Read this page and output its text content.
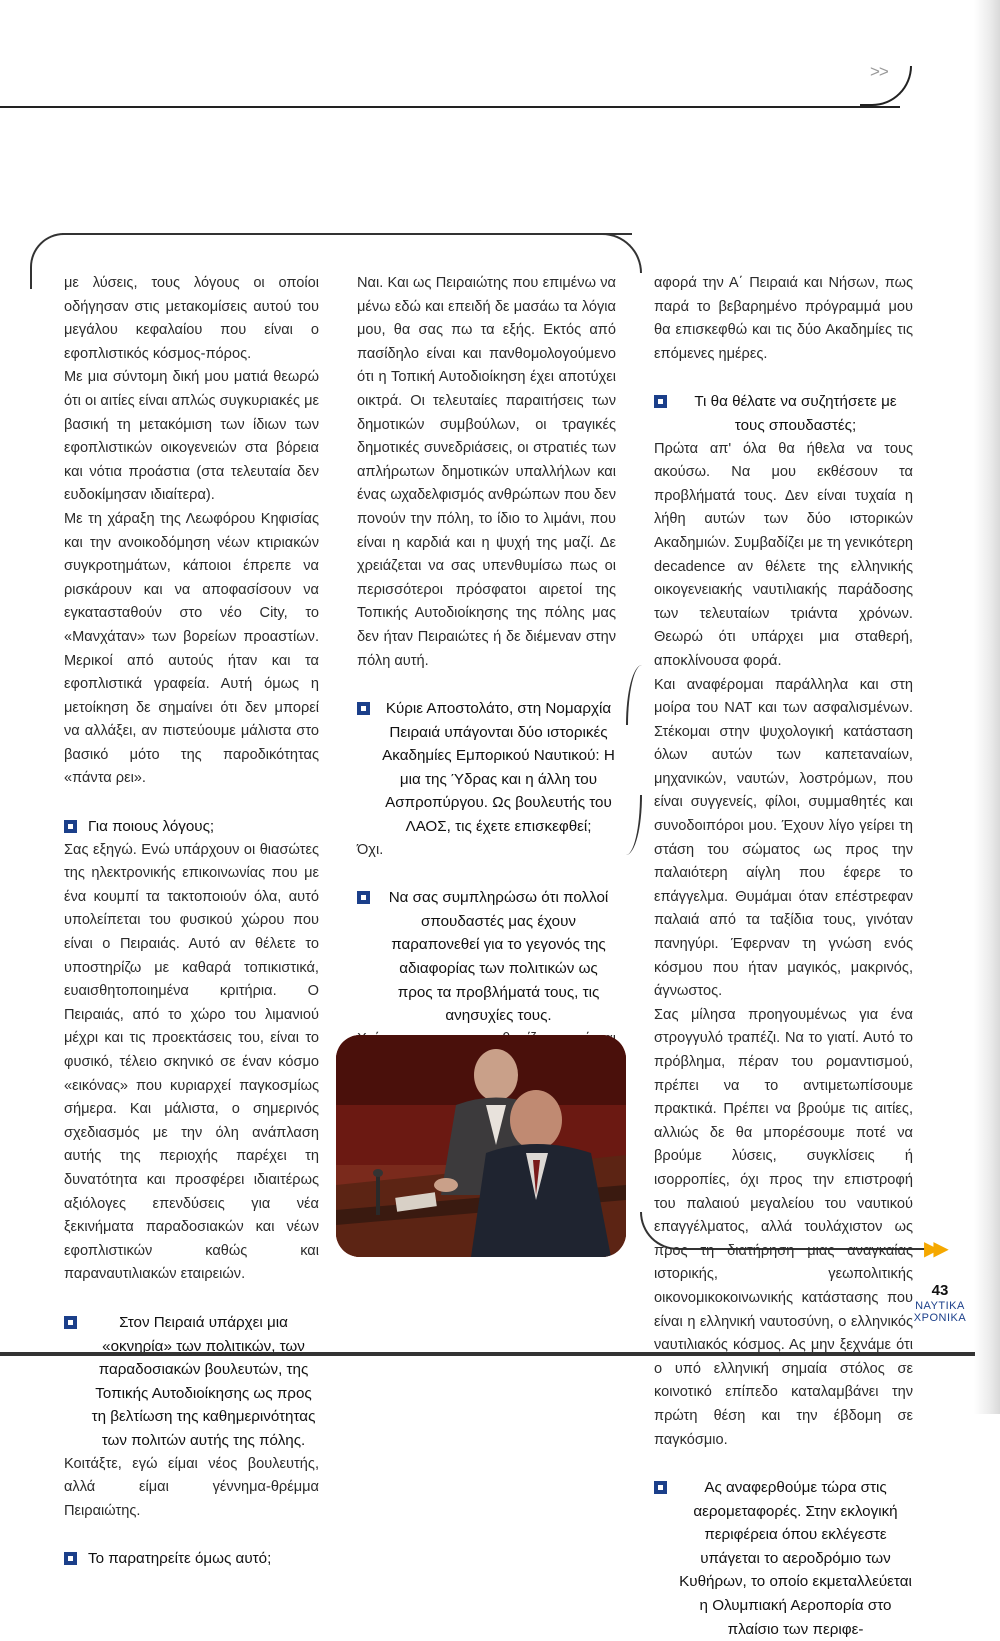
>>
▶▶

με λύσεις, τους λόγους οι οποίοι οδήγησαν στις μετακομίσεις αυτού του μεγάλου κεφαλαίου που είναι ο εφοπλιστικός κόσμος-πόρος.

Με μια σύντομη δική μου ματιά θεωρώ ότι οι αιτίες είναι απλώς συγκυριακές με βασική τη μετακόμιση των ίδιων των εφοπλιστικών οικογενειών στα βόρεια και νότια προάστια (στα τελευταία δεν ευδοκίμησαν ιδιαίτερα).

Με τη χάραξη της Λεωφόρου Κηφισίας και την ανοικοδόμηση νέων κτιριακών συγκροτημάτων, κάποιοι έπρεπε να ρισκάρουν και να αποφασίσουν να εγκατασταθούν στο νέο City, το «Μανχάταν» των βορείων προαστίων. Μερικοί από αυτούς ήταν και τα εφοπλιστικά γραφεία. Αυτή όμως η μετοίκηση δε σημαίνει ότι δεν μπορεί να αλλάξει, αν πιστεύουμε μάλιστα στο βασικό μότο της παροδικότητας «πάντα ρει».

Για ποιους λόγους;

Σας εξηγώ. Ενώ υπάρχουν οι θιασώτες της ηλεκτρονικής επικοινωνίας που με ένα κουμπί τα τακτοποιούν όλα, αυτό υπολείπεται του φυσικού χώρου που είναι ο Πειραιάς. Αυτό αν θέλετε το υποστηρίζω με καθαρά τοπικιστικά, ευαισθητοποιημένα κριτήρια. Ο Πειραιάς, από το χώρο του λιμανιού μέχρι και τις προεκτάσεις του, είναι το φυσικό, τέλειο σκηνικό σε έναν κόσμο «εικόνας» που κυριαρχεί παγκοσμίως σήμερα. Και μάλιστα, ο σημερινός σχεδιασμός με την όλη ανάπλαση αυτής της περιοχής παρέχει τη δυνατότητα και προσφέρει ιδιαιτέρως αξιόλογες επενδύσεις για νέα ξεκινήματα παραδοσιακών και νέων εφοπλιστικών καθώς και παραναυτιλιακών εταιρειών.

Στον Πειραιά υπάρχει μια «οκνηρία» των πολιτικών, των παραδοσιακών βουλευτών, της Τοπικής Αυτοδιοίκησης ως προς τη βελτίωση της καθημερινότητας των πολιτών αυτής της πόλης.

Κοιτάξτε, εγώ είμαι νέος βουλευτής, αλλά είμαι γέννημα-θρέμμα Πειραιώτης.

Το παρατηρείτε όμως αυτό;

Ναι. Και ως Πειραιώτης που επιμένω να μένω εδώ και επειδή δε μασάω τα λόγια μου, θα σας πω τα εξής. Εκτός από πασίδηλο είναι και πανθομολογούμενο ότι η Τοπική Αυτοδιοίκηση έχει αποτύχει οικτρά. Οι τελευταίες παραιτήσεις των δημοτικών συμβούλων, οι τραγικές δημοτικές συνεδριάσεις, οι στρατιές των απλήρωτων δημοτικών υπαλλήλων και ένας ωχαδελφισμός ανθρώπων που δεν πονούν την πόλη, το ίδιο το λιμάνι, που είναι η καρδιά και η ψυχή της μαζί. Δε χρειάζεται να σας υπενθυμίσω πως οι περισσότεροι πρόσφατοι αιρετοί της Τοπικής Αυτοδιοίκησης της πόλης μας δεν ήταν Πειραιώτες ή δε διέμεναν στην πόλη αυτή.

Κύριε Αποστολάτο, στη Νομαρχία Πειραιά υπάγονται δύο ιστορικές Ακαδημίες Εμπορικού Ναυτικού: Η μια της Ύδρας και η άλλη του Ασπροπύργου. Ως βουλευτής του ΛΑΟΣ, τις έχετε επισκεφθεί;

Όχι.

Να σας συμπληρώσω ότι πολλοί σπουδαστές μας έχουν παραπονεθεί για το γεγονός της αδιαφορίας των πολιτικών ως προς τα προβλήματά τους, τις ανησυχίες τους.

αφορά την Α΄ Πειραιά και Νήσων, πως παρά το βεβαρημένο πρόγραμμά μου θα επισκεφθώ και τις δύο Ακαδημίες τις επόμενες ημέρες.

Τι θα θέλατε να συζητήσετε με τους σπουδαστές;

Πρώτα απ' όλα θα ήθελα να τους ακούσω. Να μου εκθέσουν τα προβλήματά τους. Δεν είναι τυχαία η λήθη αυτών των δύο ιστορικών Ακαδημιών. Συμβαδίζει με τη γενικότερη decadence αν θέλετε της ελληνικής οικογενειακής ναυτιλιακής παράδοσης των τελευταίων τριάντα χρόνων. Θεωρώ ότι υπάρχει μια σταθερή, αποκλίνουσα φορά.

Και αναφέρομαι παράλληλα και στη μοίρα του ΝΑΤ και των ασφαλισμένων. Στέκομαι στην ψυχολογική κατάσταση όλων αυτών των καπεταναίων, μηχανικών, ναυτών, λοστρόμων, που είναι συγγενείς, φίλοι, συμμαθητές και συνοδοιπόροι μου. Έχουν λίγο γείρει τη στάση του σώματος ως προς την παλαιότερη αίγλη που έφερε το επάγγελμα. Θυμάμαι όταν επέστρεφαν παλαιά από τα ταξίδια τους, γινόταν πανηγύρι. Έφερναν τη γνώση ενός κόσμου που ήταν μαγικός, μακρινός, άγνωστος.

Σας μίλησα προηγουμένως για ένα στρογγυλό τραπέζι. Να το γιατί. Αυτό το πρόβλημα, πέραν του ρομαντισμού, πρέπει να το αντιμετωπίσουμε πρακτικά. Πρέπει να βρούμε τις αιτίες, αλλιώς δε θα μπορέσουμε ποτέ να βρούμε λύσεις, συγκλίσεις ή ισορροπίες, όχι προς την επιστροφή του παλαιού μεγαλείου του ναυτικού επαγγέλματος, αλλά τουλάχιστον ως προς τη διατήρηση μιας αναγκαίας ιστορικής, γεωπολιτικής οικονομικοκοινωνικής κατάστασης που είναι η ελληνική ναυτοσύνη, ο ελληνικός ναυτιλιακός κόσμος. Ας μην ξεχνάμε ότι ο υπό ελληνική σημαία στόλος σε κοινοτικό επίπεδο καταλαμβάνει την πρώτη θέση και την έβδομη σε παγκόσμιο.

Ας αναφερθούμε τώρα στις αερομεταφορές. Στην εκλογική περιφέρεια όπου εκλέγεστε υπάγεται το αεροδρόμιο των Κυθήρων, το οποίο εκμεταλλεύεται η Ολυμπιακή Αεροπορία στο πλαίσιο των περιφε-
43
ΝΑΥΤΙΚΑ
ΧΡΟΝΙΚΑ
